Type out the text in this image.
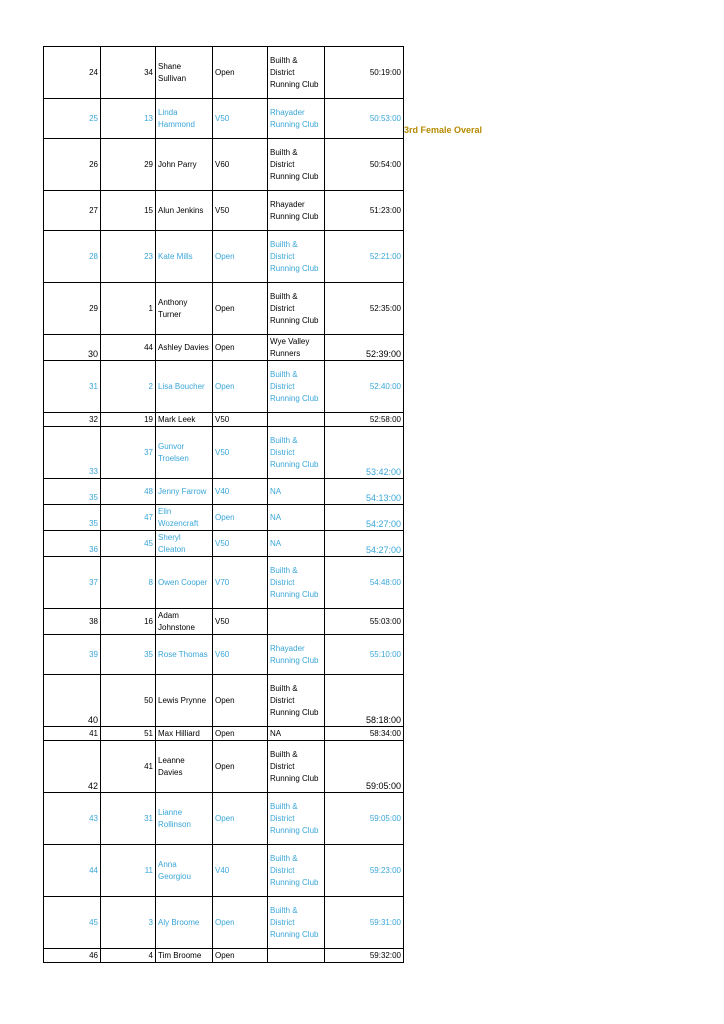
24	34	Shane Sullivan	Open	Builth & District Running Club	50:19:00
25	13	Linda Hammond	V50	Rhayader Running Club	50:53:00
26	29	John Parry	V60	Builth & District Running Club	50:54:00
27	15	Alun Jenkins	V50	Rhayader Running Club	51:23:00
28	23	Kate Mills	Open	Builth & District Running Club	52:21:00
29	1	Anthony Turner	Open	Builth & District Running Club	52:35:00
30	44	Ashley Davies	Open	Wye Valley Runners	52:39:00
31	2	Lisa Boucher	Open	Builth & District Running Club	52:40:00
32	19	Mark Leek	V50		52:58:00
33	37	Gunvor Troelsen	V50	Builth & District Running Club	53:42:00
35	48	Jenny Farrow	V40	NA	54:13:00
35	47	Elin Wozencraft	Open	NA	54:27:00
36	45	Sheryl Cleaton	V50	NA	54:27:00
37	8	Owen Cooper	V70	Builth & District Running Club	54:48:00
38	16	Adam Johnstone	V50		55:03:00
39	35	Rose Thomas	V60	Rhayader Running Club	55:10:00
40	50	Lewis Prynne	Open	Builth & District Running Club	58:18:00
41	51	Max Hilliard	Open	NA	58:34:00
42	41	Leanne Davies	Open	Builth & District Running Club	59:05:00
43	31	Lianne Rollinson	Open	Builth & District Running Club	59:05:00
44	11	Anna Georgiou	V40	Builth & District Running Club	59:23:00
45	3	Aly Broome	Open	Builth & District Running Club	59:31:00
46	4	Tim Broome	Open		59:32:00
3rd Female Overal
